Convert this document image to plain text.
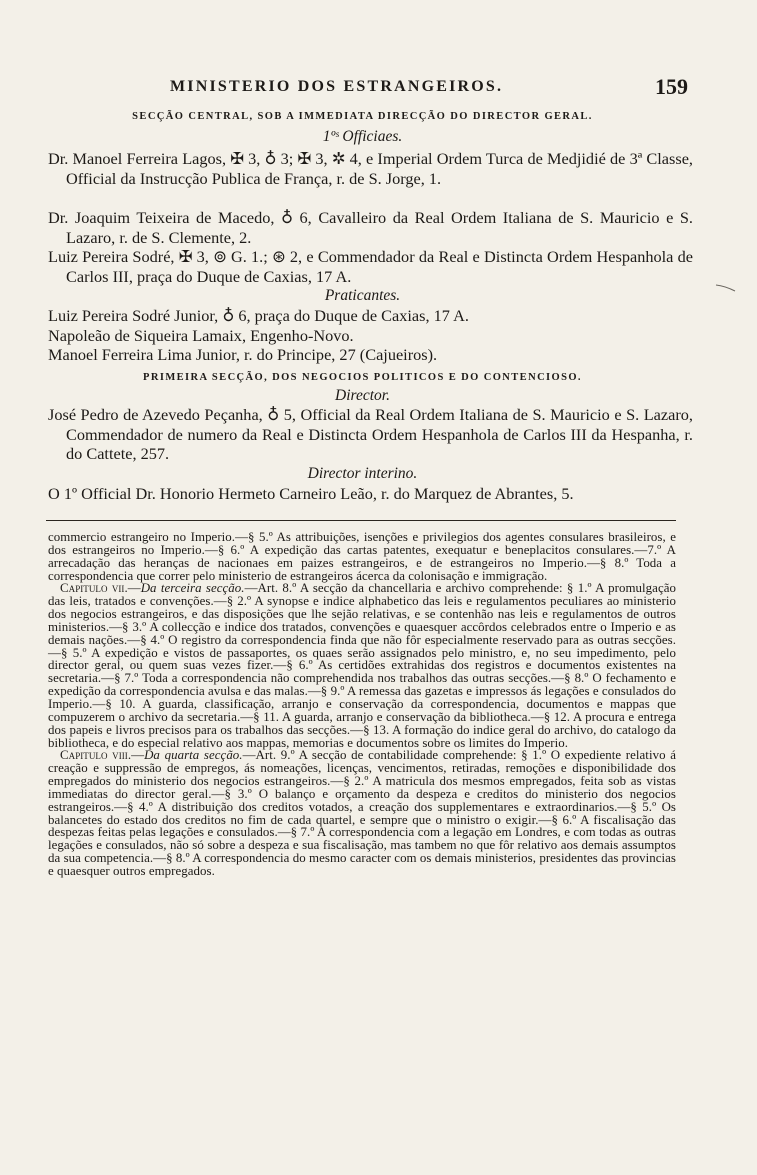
MINISTERIO DOS ESTRANGEIROS.	159
SECÇÃO CENTRAL, SOB A IMMEDIATA DIRECÇÃO DO DIRECTOR GERAL.
1ºˢ Officiaes.
Dr. Manoel Ferreira Lagos, ✠ 3, ♁ 3; ✠ 3, ✲ 4, e Imperial Ordem Turca de Medjidié de 3ª Classe, Official da Instrucção Publica de França, r. de S. Jorge, 1.
Dr. Joaquim Teixeira de Macedo, ♁ 6, Cavalleiro da Real Ordem Italiana de S. Mauricio e S. Lazaro, r. de S. Clemente, 2.
Luiz Pereira Sodré, ✠ 3, ⊚ G. 1.; ⊛ 2, e Commendador da Real e Distincta Ordem Hespanhola de Carlos III, praça do Duque de Caxias, 17 A.
Praticantes.
Luiz Pereira Sodré Junior, ♁ 6, praça do Duque de Caxias, 17 A.
Napoleão de Siqueira Lamaix, Engenho-Novo.
Manoel Ferreira Lima Junior, r. do Principe, 27 (Cajueiros).
PRIMEIRA SECÇÃO, DOS NEGOCIOS POLITICOS E DO CONTENCIOSO.
Director.
José Pedro de Azevedo Peçanha, ♁ 5, Official da Real Ordem Italiana de S. Mauricio e S. Lazaro, Commendador de numero da Real e Distincta Ordem Hespanhola de Carlos III da Hespanha, r. do Cattete, 257.
Director interino.
O 1º Official Dr. Honorio Hermeto Carneiro Leão, r. do Marquez de Abrantes, 5.
commercio estrangeiro no Imperio.—§ 5.º As attribuições, isenções e privilegios dos agentes consulares brasileiros, e dos estrangeiros no Imperio.—§ 6.º A expedição das cartas patentes, exequatur e beneplacitos consulares.—7.º A arrecadação das heranças de nacionaes em paizes estrangeiros, e de estrangeiros no Imperio.—§ 8.º Toda a correspondencia que correr pelo ministerio de estrangeiros ácerca da colonisação e immigração.
Capitulo vii.—Da terceira secção.—Art. 8.º A secção da chancellaria e archivo comprehende: § 1.º A promulgação das leis, tratados e convenções.—§ 2.º A synopse e indice alphabetico das leis e regulamentos peculiares ao ministerio dos negocios estrangeiros, e das disposições que lhe sejão relativas, e se contenhão nas leis e regulamentos de outros ministerios.—§ 3.º A collecção e indice dos tratados, convenções e quaesquer accôrdos celebrados entre o Imperio e as demais nações.—§ 4.º O registro da correspondencia finda que não fôr especialmente reservado para as outras secções.—§ 5.º A expedição e vistos de passaportes, os quaes serão assignados pelo ministro, e, no seu impedimento, pelo director geral, ou quem suas vezes fizer.—§ 6.º As certidões extrahidas dos registros e documentos existentes na secretaria.—§ 7.º Toda a correspondencia não comprehendida nos trabalhos das outras secções.—§ 8.º O fechamento e expedição da correspondencia avulsa e das malas.—§ 9.º A remessa das gazetas e impressos ás legações e consulados do Imperio.—§ 10. A guarda, classificação, arranjo e conservação da correspondencia, documentos e mappas que compuzerem o archivo da secretaria.—§ 11. A guarda, arranjo e conservação da bibliotheca.—§ 12. A procura e entrega dos papeis e livros precisos para os trabalhos das secções.—§ 13. A formação do indice geral do archivo, do catalogo da bibliotheca, e do especial relativo aos mappas, memorias e documentos sobre os limites do Imperio.
Capitulo viii.—Da quarta secção.—Art. 9.º A secção de contabilidade comprehende: § 1.º O expediente relativo á creação e suppressão de empregos, ás nomeações, licenças, vencimentos, retiradas, remoções e disponibilidade dos empregados do ministerio dos negocios estrangeiros.—§ 2.º A matricula dos mesmos empregados, feita sob as vistas immediatas do director geral.—§ 3.º O balanço e orçamento da despeza e creditos do ministerio dos negocios estrangeiros.—§ 4.º A distribuição dos creditos votados, a creação dos supplementares e extraordinarios.—§ 5.º Os balancetes do estado dos creditos no fim de cada quartel, e sempre que o ministro o exigir.—§ 6.º A fiscalisação das despezas feitas pelas legações e consulados.—§ 7.º A correspondencia com a legação em Londres, e com todas as outras legações e consulados, não só sobre a despeza e sua fiscalisação, mas tambem no que fôr relativo aos demais assumptos da sua competencia.—§ 8.º A correspondencia do mesmo caracter com os demais ministerios, presidentes das provincias e quaesquer outros empregados.
